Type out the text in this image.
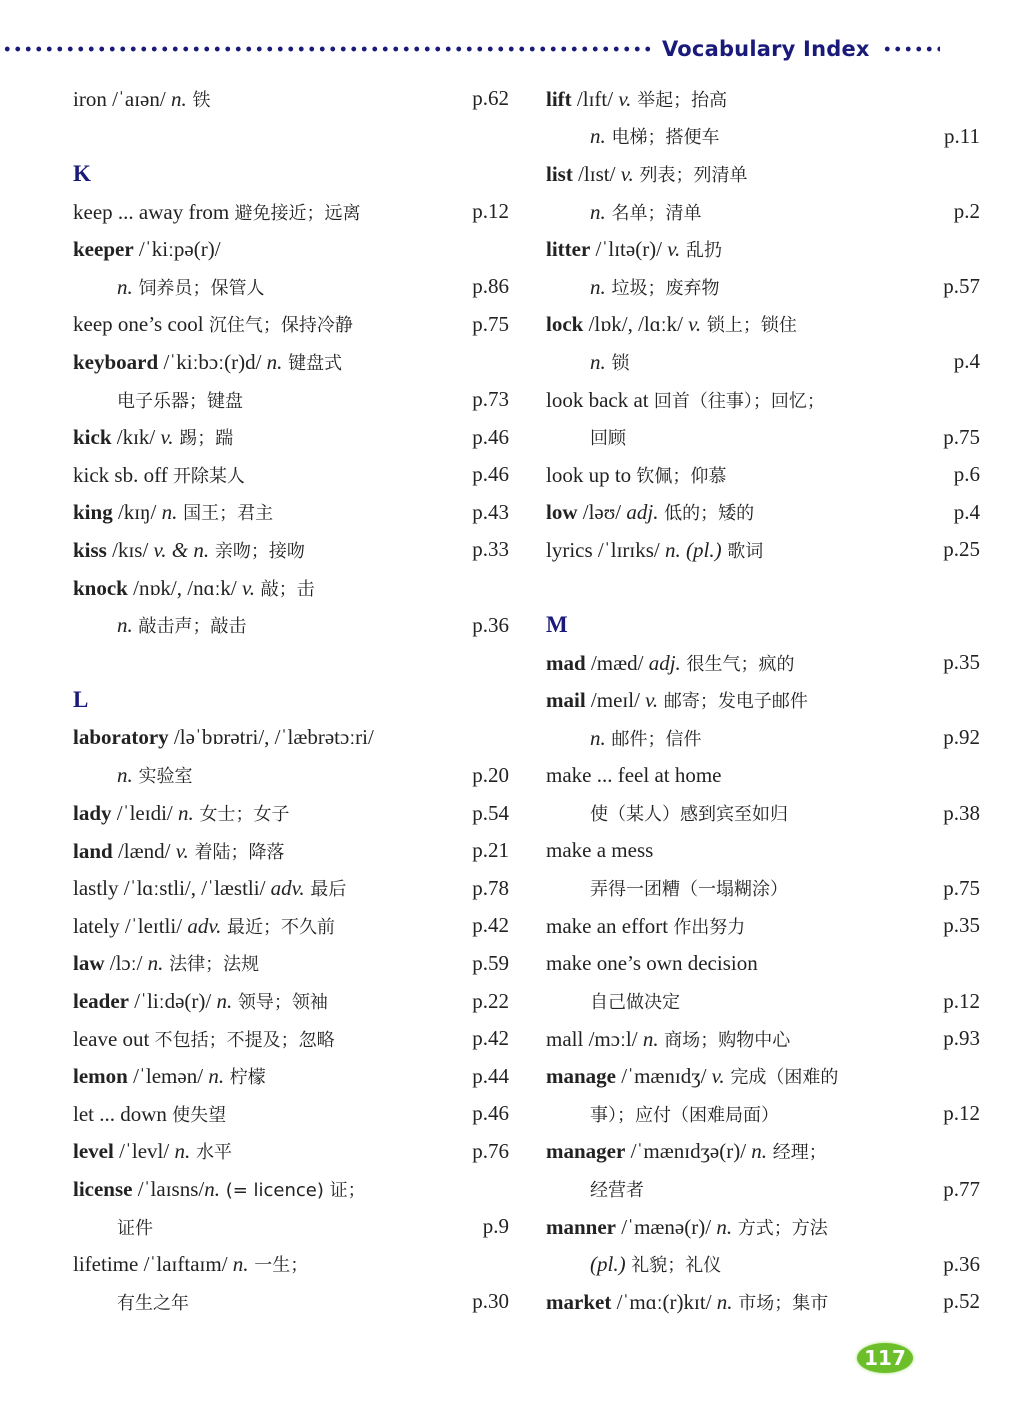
Vocabulary Index
iron /ˈaɪən/ n. 铁	p.62
K
keep ... away from 避免接近；远离	p.12
keeper /ˈkiːpə(r)/
n. 饲养员；保管人	p.86
keep one’s cool 沉住气；保持冷静	p.75
keyboard /ˈkiːbɔː(r)d/ n. 键盘式
电子乐器；键盘	p.73
kick /kɪk/ v. 踢；踹	p.46
kick sb. off 开除某人	p.46
king /kɪŋ/ n. 国王；君主	p.43
kiss /kɪs/ v. & n. 亲吻；接吻	p.33
knock /nɒk/, /nɑːk/ v. 敲；击
n. 敲击声；敲击	p.36
L
laboratory /ləˈbɒrətri/, /ˈlæbrətɔːri/
n. 实验室	p.20
lady /ˈleɪdi/ n. 女士；女子	p.54
land /lænd/ v. 着陆；降落	p.21
lastly /ˈlɑːstli/, /ˈlæstli/ adv. 最后	p.78
lately /ˈleɪtli/ adv. 最近；不久前	p.42
law /lɔː/ n. 法律；法规	p.59
leader /ˈliːdə(r)/ n. 领导；领袖	p.22
leave out 不包括；不提及；忽略	p.42
lemon /ˈlemən/ n. 柠檬	p.44
let ... down 使失望	p.46
level /ˈlevl/ n. 水平	p.76
license /ˈlaɪsns/n. (= licence) 证；
证件	p.9
lifetime /ˈlaɪftaɪm/ n. 一生；
有生之年	p.30
lift /lɪft/ v. 举起；抬高
n. 电梯；搭便车	p.11
list /lɪst/ v. 列表；列清单
n. 名单；清单	p.2
litter /ˈlɪtə(r)/ v. 乱扔
n. 垃圾；废弃物	p.57
lock /lɒk/, /lɑːk/ v. 锁上；锁住
n. 锁	p.4
look back at 回首（往事）；回忆；
回顾	p.75
look up to 钦佩；仰慕	p.6
low /ləʊ/ adj. 低的；矮的	p.4
lyrics /ˈlɪrɪks/ n. (pl.) 歌词	p.25
M
mad /mæd/ adj. 很生气；疯的	p.35
mail /meɪl/ v. 邮寄；发电子邮件
n. 邮件；信件	p.92
make ... feel at home
使（某人）感到宾至如归	p.38
make a mess
弄得一团糟（一塌糊涂）	p.75
make an effort 作出努力	p.35
make one’s own decision
自己做决定	p.12
mall /mɔːl/ n. 商场；购物中心	p.93
manage /ˈmænɪdʒ/ v. 完成（困难的
事）；应付（困难局面）	p.12
manager /ˈmænɪdʒə(r)/ n. 经理；
经营者	p.77
manner /ˈmænə(r)/ n. 方式；方法
(pl.) 礼貌；礼仪	p.36
market /ˈmɑː(r)kɪt/ n. 市场；集市	p.52
117
